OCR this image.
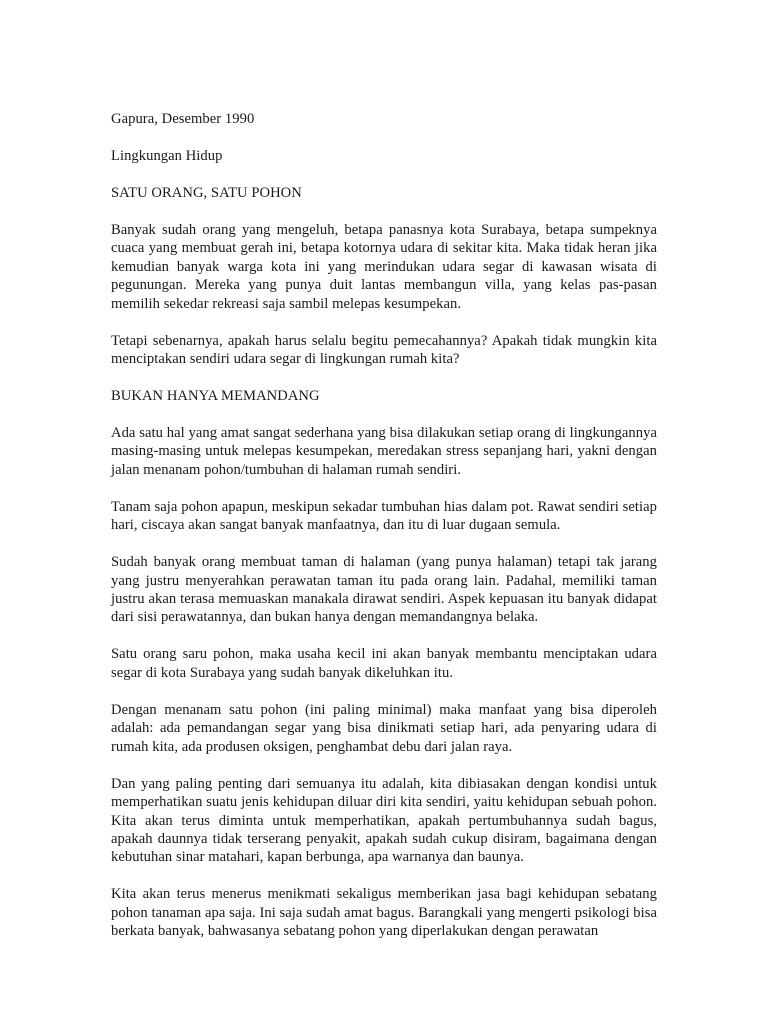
Gapura, Desember 1990

Lingkungan Hidup

SATU ORANG, SATU POHON

Banyak sudah orang yang mengeluh, betapa panasnya kota Surabaya, betapa sumpeknya cuaca yang membuat gerah ini, betapa kotornya udara di sekitar kita. Maka tidak heran jika kemudian banyak warga kota ini yang merindukan udara segar di kawasan wisata di pegunungan. Mereka yang punya duit lantas membangun villa, yang kelas pas-pasan memilih sekedar rekreasi saja sambil melepas kesumpekan.

Tetapi sebenarnya, apakah harus selalu begitu pemecahannya? Apakah tidak mungkin kita menciptakan sendiri udara segar di lingkungan rumah kita?

BUKAN HANYA MEMANDANG

Ada satu hal yang amat sangat sederhana yang bisa dilakukan setiap orang di lingkungannya masing-masing untuk melepas kesumpekan, meredakan stress sepanjang hari, yakni dengan jalan menanam pohon/tumbuhan di halaman rumah sendiri.

Tanam saja pohon apapun, meskipun sekadar tumbuhan hias dalam pot. Rawat sendiri setiap hari, ciscaya akan sangat banyak manfaatnya, dan itu di luar dugaan semula.

Sudah banyak orang membuat taman di halaman (yang punya halaman) tetapi tak jarang yang justru menyerahkan perawatan taman itu pada orang lain. Padahal, memiliki taman justru akan terasa memuaskan manakala dirawat sendiri. Aspek kepuasan itu banyak didapat dari sisi perawatannya, dan bukan hanya dengan memandangnya belaka.

Satu orang saru pohon, maka usaha kecil ini akan banyak membantu menciptakan udara segar di kota Surabaya yang sudah banyak dikeluhkan itu.

Dengan menanam satu pohon (ini paling minimal) maka manfaat yang bisa diperoleh adalah: ada pemandangan segar yang bisa dinikmati setiap hari, ada penyaring udara di rumah kita, ada produsen oksigen, penghambat debu dari jalan raya.

Dan yang paling penting dari semuanya itu adalah, kita dibiasakan dengan kondisi untuk memperhatikan suatu jenis kehidupan diluar diri kita sendiri, yaitu kehidupan sebuah pohon. Kita akan terus diminta untuk memperhatikan, apakah pertumbuhannya sudah bagus, apakah daunnya tidak terserang penyakit, apakah sudah cukup disiram, bagaimana dengan kebutuhan sinar matahari, kapan berbunga, apa warnanya dan baunya.

Kita akan terus menerus menikmati sekaligus memberikan jasa bagi kehidupan sebatang pohon tanaman apa saja. Ini saja sudah amat bagus. Barangkali yang mengerti psikologi bisa berkata banyak, bahwasanya sebatang pohon yang diperlakukan dengan perawatan
